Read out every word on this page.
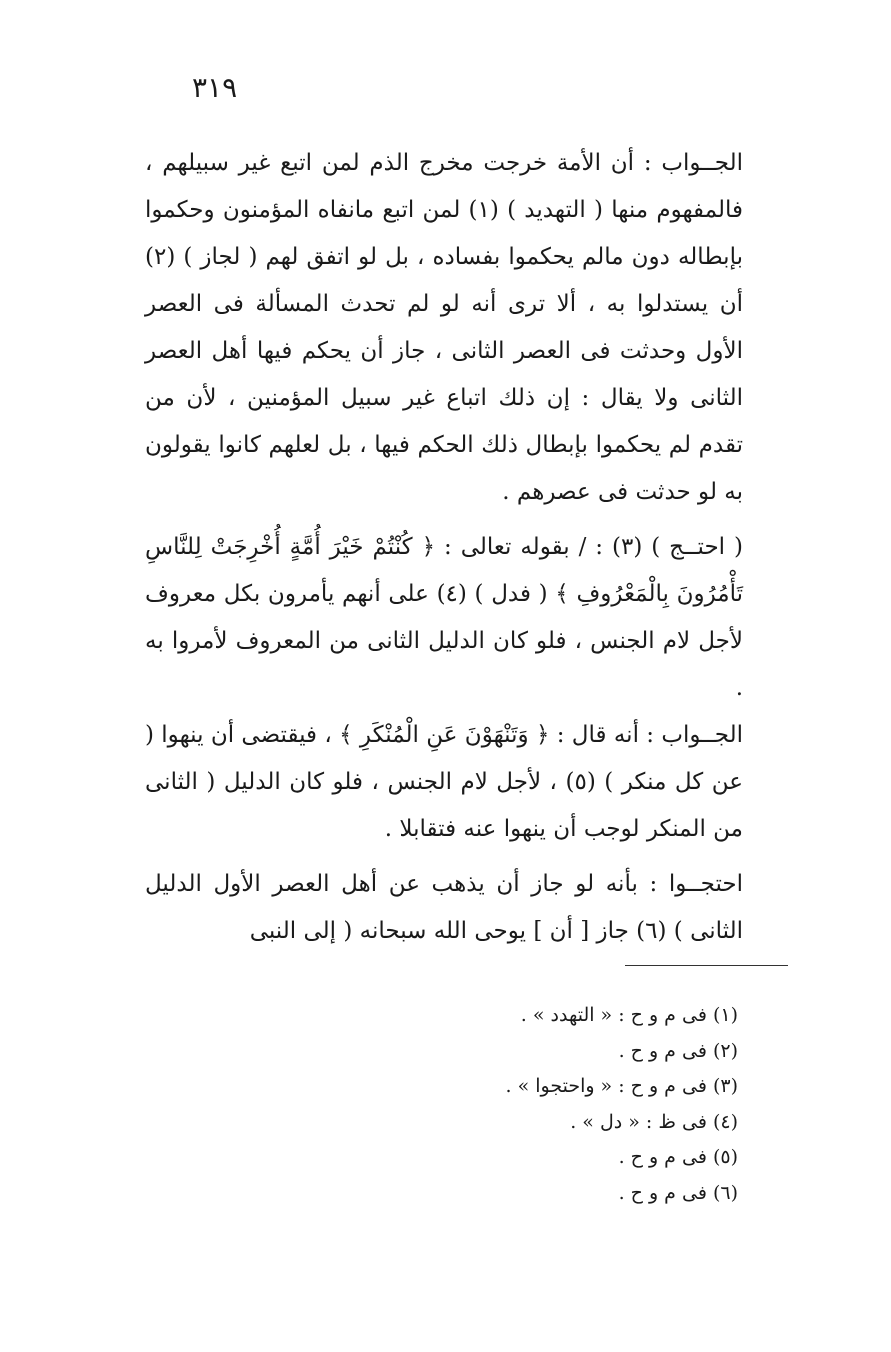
٣١٩

الجــواب : أن الأمة خرجت مخرج الذم لمن اتبع غير سبيلهم ، فالمفهوم منها ( التهديد ) (١) لمن اتبع مانفاه المؤمنون وحكموا بإبطاله دون مالم يحكموا بفساده ، بل لو اتفق لهم ( لجاز ) (٢) أن يستدلوا به ، ألا ترى أنه لو لم تحدث المسألة فى العصر الأول وحدثت فى العصر الثانى ، جاز أن يحكم فيها أهل العصر الثانى ولا يقال : إن ذلك اتباع غير سبيل المؤمنين ، لأن من تقدم لم يحكموا بإبطال ذلك الحكم فيها ، بل لعلهم كانوا يقولون به لو حدثت فى عصرهم .

( احتــج ) (٣) : / بقوله تعالى : ﴿ كُنْتُمْ خَيْرَ أُمَّةٍ أُخْرِجَتْ لِلنَّاسِ تَأْمُرُونَ بِالْمَعْرُوفِ ﴾ ( فدل ) (٤) على أنهم يأمرون بكل معروف لأجل لام الجنس ، فلو كان الدليل الثانى من المعروف لأمروا به .

الجــواب : أنه قال : ﴿ وَتَنْهَوْنَ عَنِ الْمُنْكَرِ ﴾ ، فيقتضى أن ينهوا ( عن كل منكر ) (٥) ، لأجل لام الجنس ، فلو كان الدليل ( الثانى من المنكر لوجب أن ينهوا عنه فتقابلا .

احتجــوا : بأنه لو جاز أن يذهب عن أهل العصر الأول الدليل الثانى ) (٦) جاز [ أن ] يوحى الله سبحانه ( إلى النبى

(١) فى م و ح : « التهدد » .
(٢) فى م و ح .
(٣) فى م و ح : « واحتجوا » .
(٤) فى ظ : « دل » .
(٥) فى م و ح .
(٦) فى م و ح .
